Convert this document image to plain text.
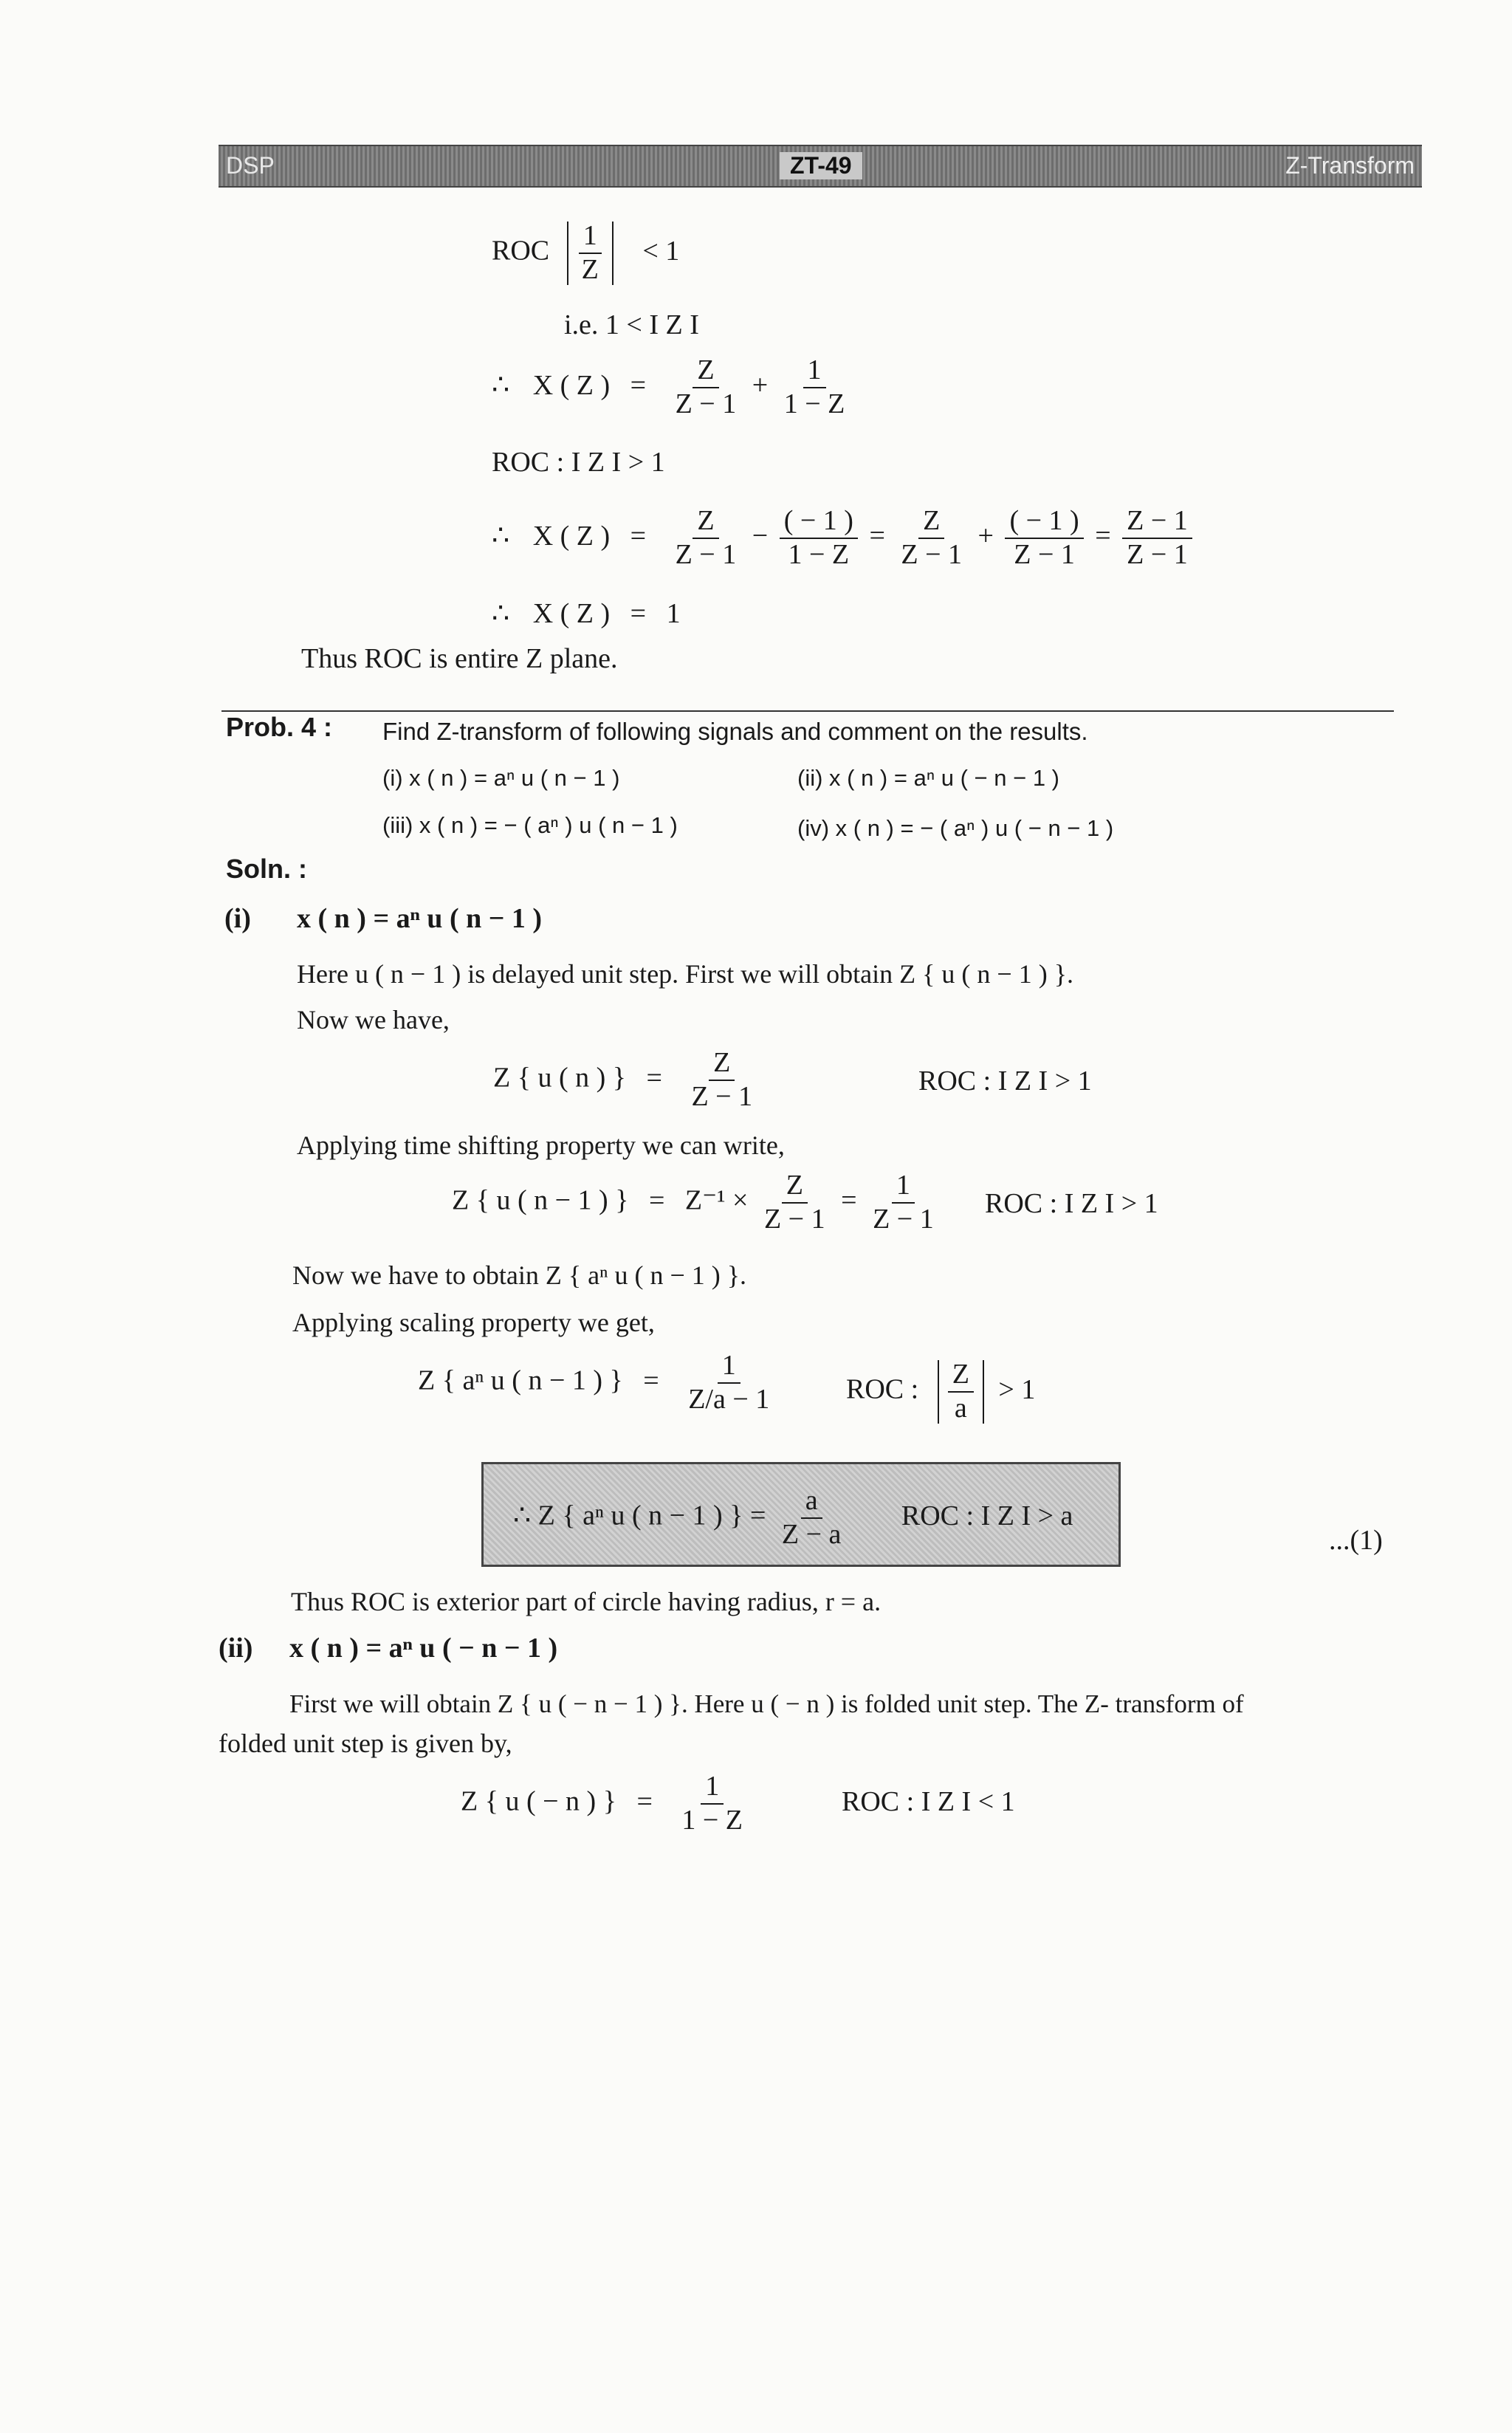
DSP	ZT-49	Z-Transform
ROC $\frac{1}{Z} < 1$
i.e. 1 < I Z I
∴ X ( Z ) = $\frac{Z}{Z - 1} + \frac{1}{1 - Z}$
ROC : I Z I > 1
∴ X ( Z ) = $\frac{Z}{Z - 1} - \frac{( - 1 )}{1 - Z} = \frac{Z}{Z - 1} + \frac{( - 1 )}{Z - 1} = \frac{Z - 1}{Z - 1}$
∴ X ( Z ) = 1
Thus ROC is entire Z plane.
Prob. 4 : Find Z-transform of following signals and comment on the results.
(i) x ( n ) = aⁿ u ( n − 1 )	(ii) x ( n ) = aⁿ u ( − n − 1 )
(iii) x ( n ) = − ( aⁿ ) u ( n − 1 )	(iv) x ( n ) = − ( aⁿ ) u ( − n − 1 )
Soln. :
(i) x ( n ) = aⁿ u ( n − 1 )
Here u ( n − 1 ) is delayed unit step. First we will obtain Z { u ( n − 1 ) }.
Now we have,
Z { u ( n ) } = $\frac{Z}{Z - 1}$	ROC : I Z I > 1
Applying time shifting property we can write,
Z { u ( n − 1 ) } = $Z^{-1} \times \frac{Z}{Z - 1} = \frac{1}{Z - 1}$ ROC : I Z I > 1
Now we have to obtain Z { aⁿ u ( n − 1 ) }.
Applying scaling property we get,
Z { aⁿ u ( n − 1 ) } = $\frac{1}{Z/a - 1}$	ROC : $\frac{Z}{a} > 1$
∴ Z { aⁿ u ( n − 1 ) } = $\frac{a}{Z - a}$ ROC : I Z I > a
...(1)
Thus ROC is exterior part of circle having radius, r = a.
(ii) x ( n ) = aⁿ u ( − n − 1 )
First we will obtain Z { u ( − n − 1 ) }. Here u ( − n ) is folded unit step. The Z- transform of
folded unit step is given by,
Z { u ( − n ) } = $\frac{1}{1 - Z}$	ROC : I Z I < 1
